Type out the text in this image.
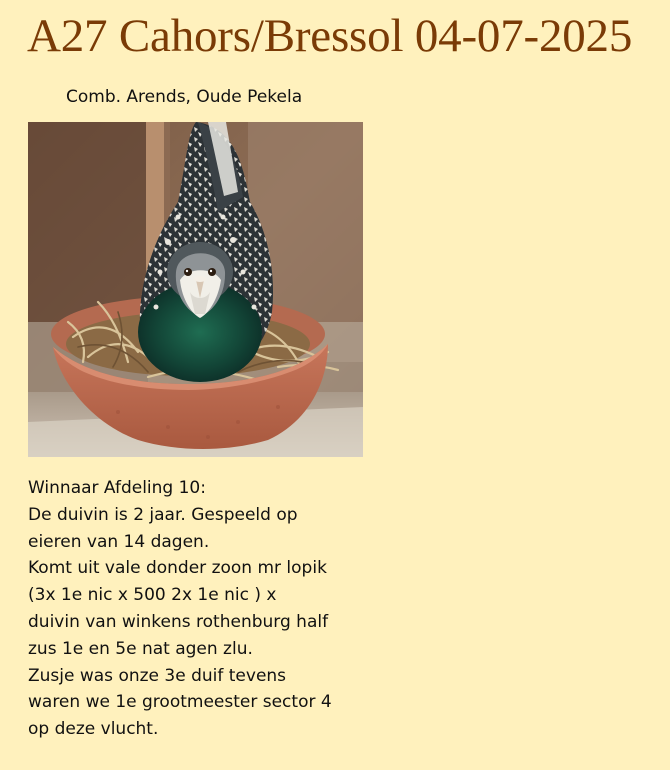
A27 Cahors/Bressol 04-07-2025
Comb. Arends, Oude Pekela
Winnaar Afdeling 10:
De duivin is 2 jaar. Gespeeld op
eieren van 14 dagen.
Komt uit vale donder zoon mr lopik
(3x 1e nic x 500 2x 1e nic ) x
duivin van winkens rothenburg half
zus 1e en 5e nat agen zlu.
Zusje was onze 3e duif tevens
waren we 1e grootmeester sector 4
op deze vlucht.
